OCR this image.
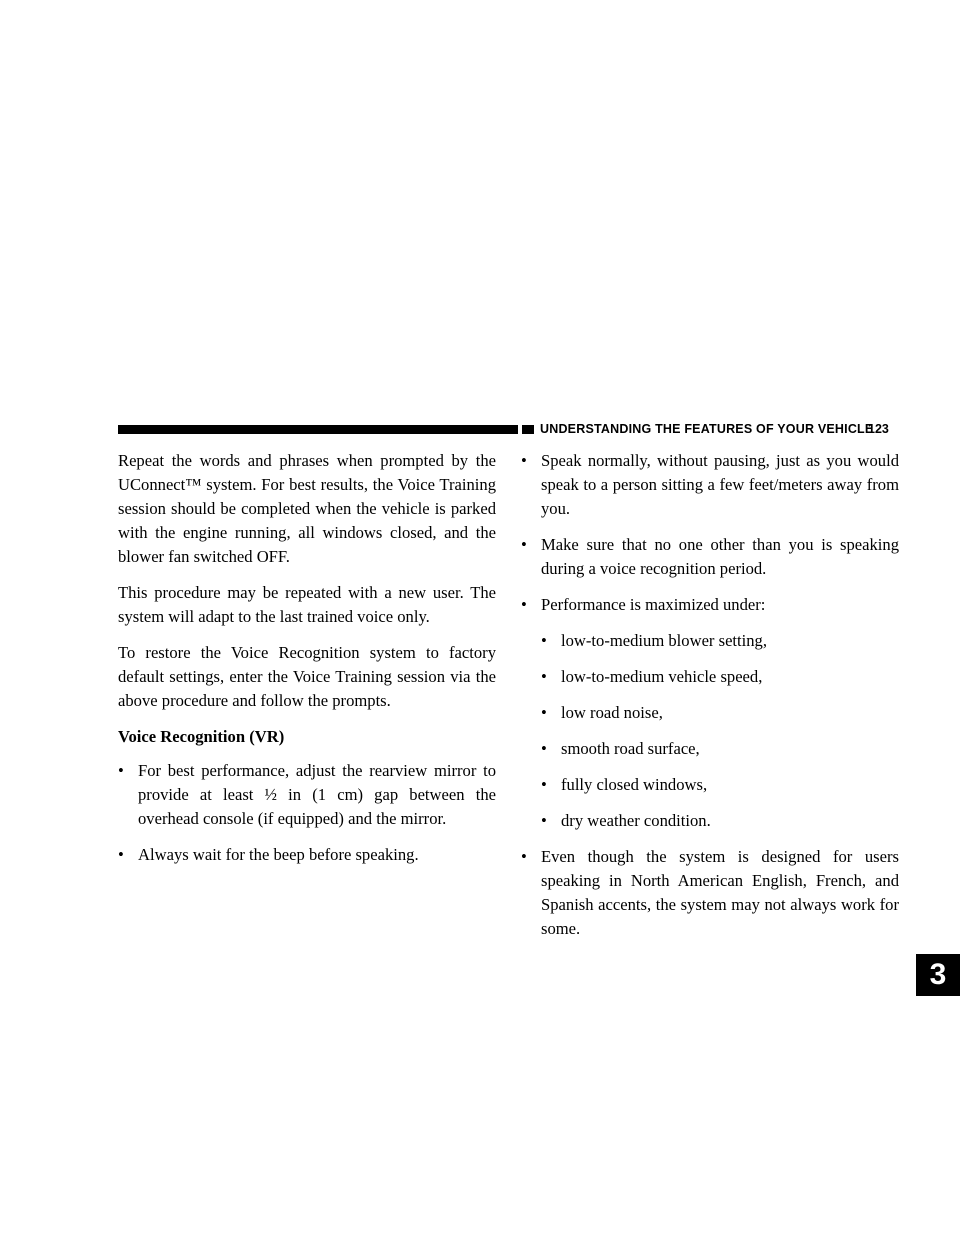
UNDERSTANDING THE FEATURES OF YOUR VEHICLE
123

Repeat the words and phrases when prompted by the UConnect™ system. For best results, the Voice Training session should be completed when the vehicle is parked with the engine running, all windows closed, and the blower fan switched OFF.

This procedure may be repeated with a new user. The system will adapt to the last trained voice only.

To restore the Voice Recognition system to factory default settings, enter the Voice Training session via the above procedure and follow the prompts.

Voice Recognition (VR)

• For best performance, adjust the rearview mirror to provide at least ½ in (1 cm) gap between the overhead console (if equipped) and the mirror.
• Always wait for the beep before speaking.
• Speak normally, without pausing, just as you would speak to a person sitting a few feet/meters away from you.
• Make sure that no one other than you is speaking during a voice recognition period.
• Performance is maximized under:
• low-to-medium blower setting,
• low-to-medium vehicle speed,
• low road noise,
• smooth road surface,
• fully closed windows,
• dry weather condition.
• Even though the system is designed for users speaking in North American English, French, and Spanish accents, the system may not always work for some.
3
